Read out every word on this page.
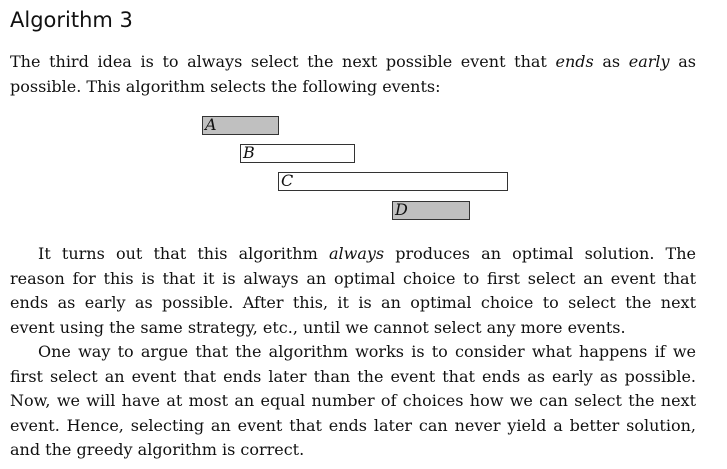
Algorithm 3
The third idea is to always select the next possible event that ends as early as
possible. This algorithm selects the following events:
A
B
C
D
It turns out that this algorithm always produces an optimal solution. The
reason for this is that it is always an optimal choice to first select an event that
ends as early as possible. After this, it is an optimal choice to select the next
event using the same strategy, etc., until we cannot select any more events.
One way to argue that the algorithm works is to consider what happens if we
first select an event that ends later than the event that ends as early as possible.
Now, we will have at most an equal number of choices how we can select the next
event. Hence, selecting an event that ends later can never yield a better solution,
and the greedy algorithm is correct.
